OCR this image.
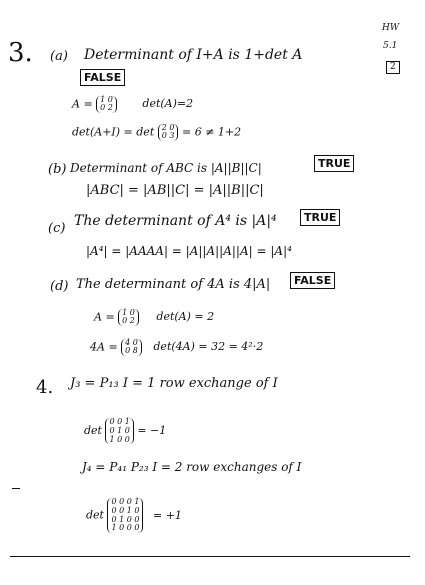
HW
5.1
2
3. (a) Determinant of I+A is 1+det A
FALSE
A = 1 0
0 2	det(A)=2
det(A+I) = det 2 0
0 3 = 6 ≠ 1+2
(b) Determinant of ABC is |A||B||C|	TRUE
|ABC| = |AB||C| = |A||B||C|
(c) The determinant of A⁴ is |A|⁴	TRUE
|A⁴| = |AAAA| = |A||A||A||A| = |A|⁴
(d) The determinant of 4A is 4|A|	FALSE
A = 1 0
0 2 det(A) = 2
4A = 4 0
0 8 det(4A) = 32 = 4²·2
4. J₃ = P₁₃ I = 1 row exchange of I
det
0 0 1
0 1 0
1 0 0
= −1
J₄ = P₄₁ P₂₃ I = 2 row exchanges of I
det
0 0 0 1
0 0 1 0
0 1 0 0
1 0 0 0
= +1
